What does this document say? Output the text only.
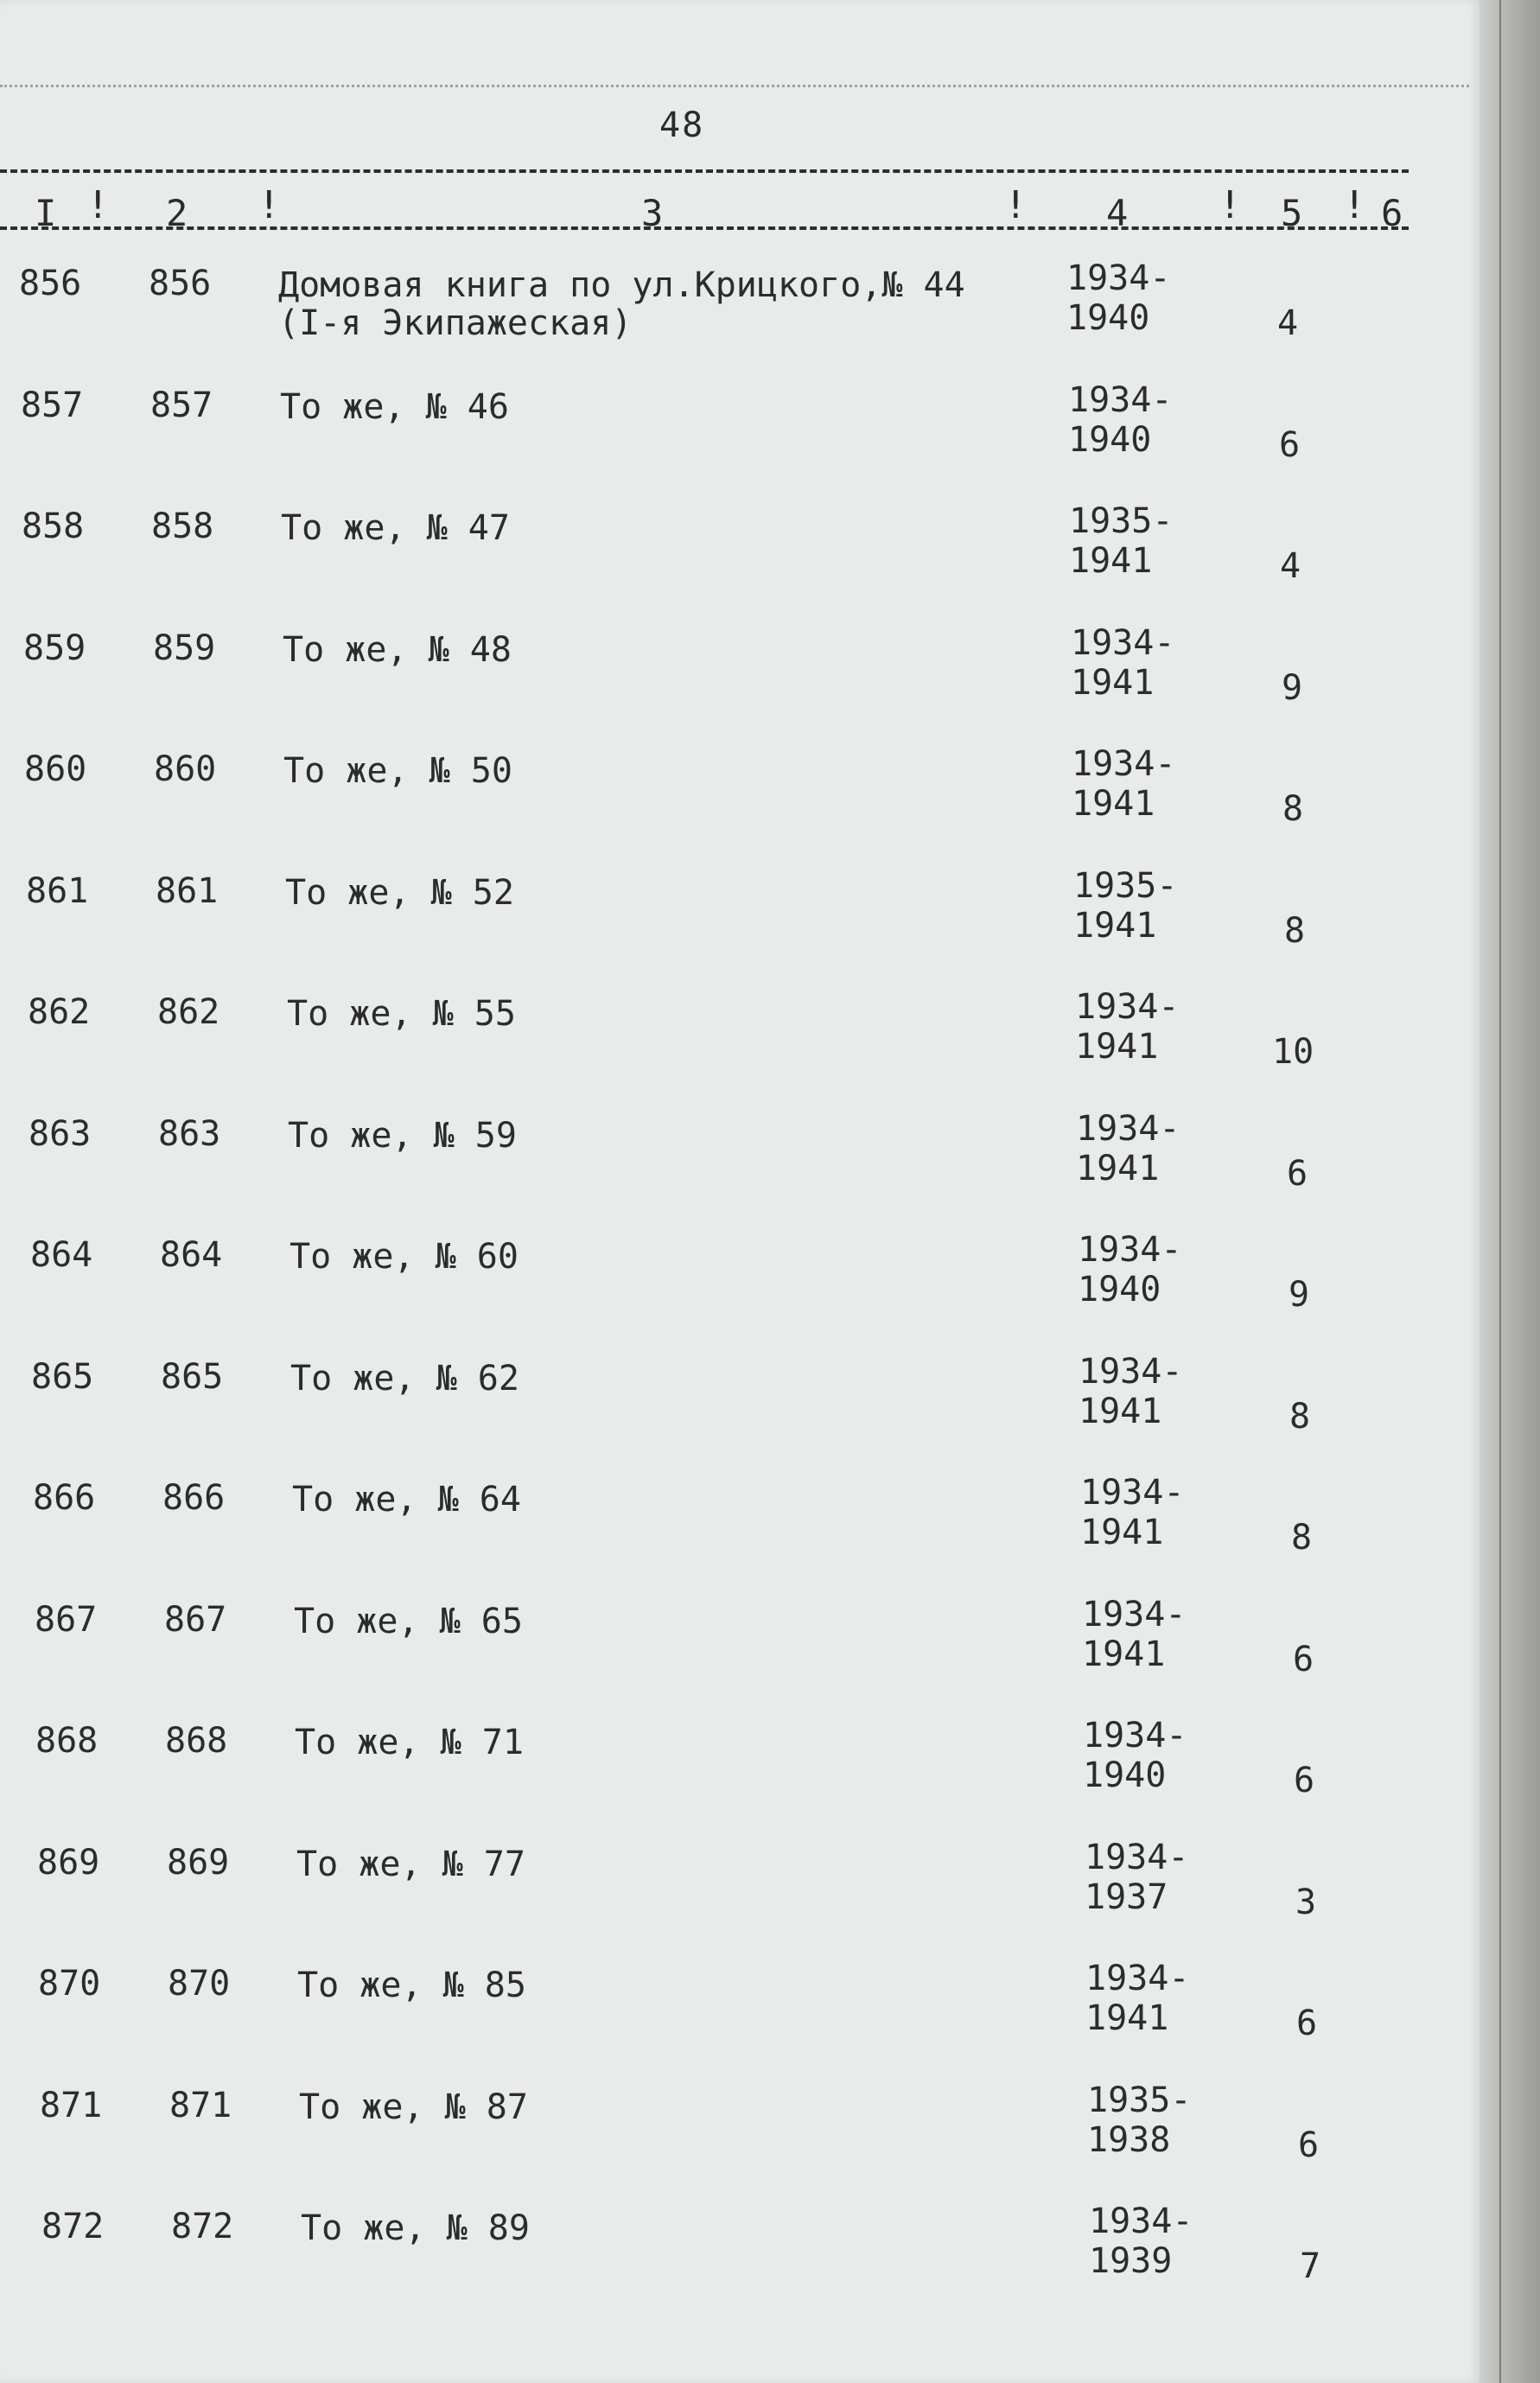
48
I ! 2 !	3	! 4 ! 5 ! 6
856 856 Домовая книга по ул.Крицкого,№ 44
(I-я Экипажеская)
1934-
1940	4
857 857 То же, № 46	1934-
1940	6
858 858 То же, № 47	1935-
1941	4
859 859 То же, № 48	1934-
1941	9
860 860 То же, № 50	1934-
1941	8
861 861 То же, № 52	1935-
1941	8
862 862 То же, № 55	1934-
1941	10
863 863 То же, № 59	1934-
1941	6
864 864 То же, № 60	1934-
1940	9
865 865 То же, № 62	1934-
1941	8
866 866 То же, № 64	1934-
1941	8
867 867 То же, № 65	1934-
1941	6
868 868 То же, № 71	1934-
1940	6
869 869 То же, № 77	1934-
1937	3
870 870 То же, № 85	1934-
1941	6
871 871 То же, № 87	1935-
1938	6
872 872 То же, № 89	1934-
1939	7
